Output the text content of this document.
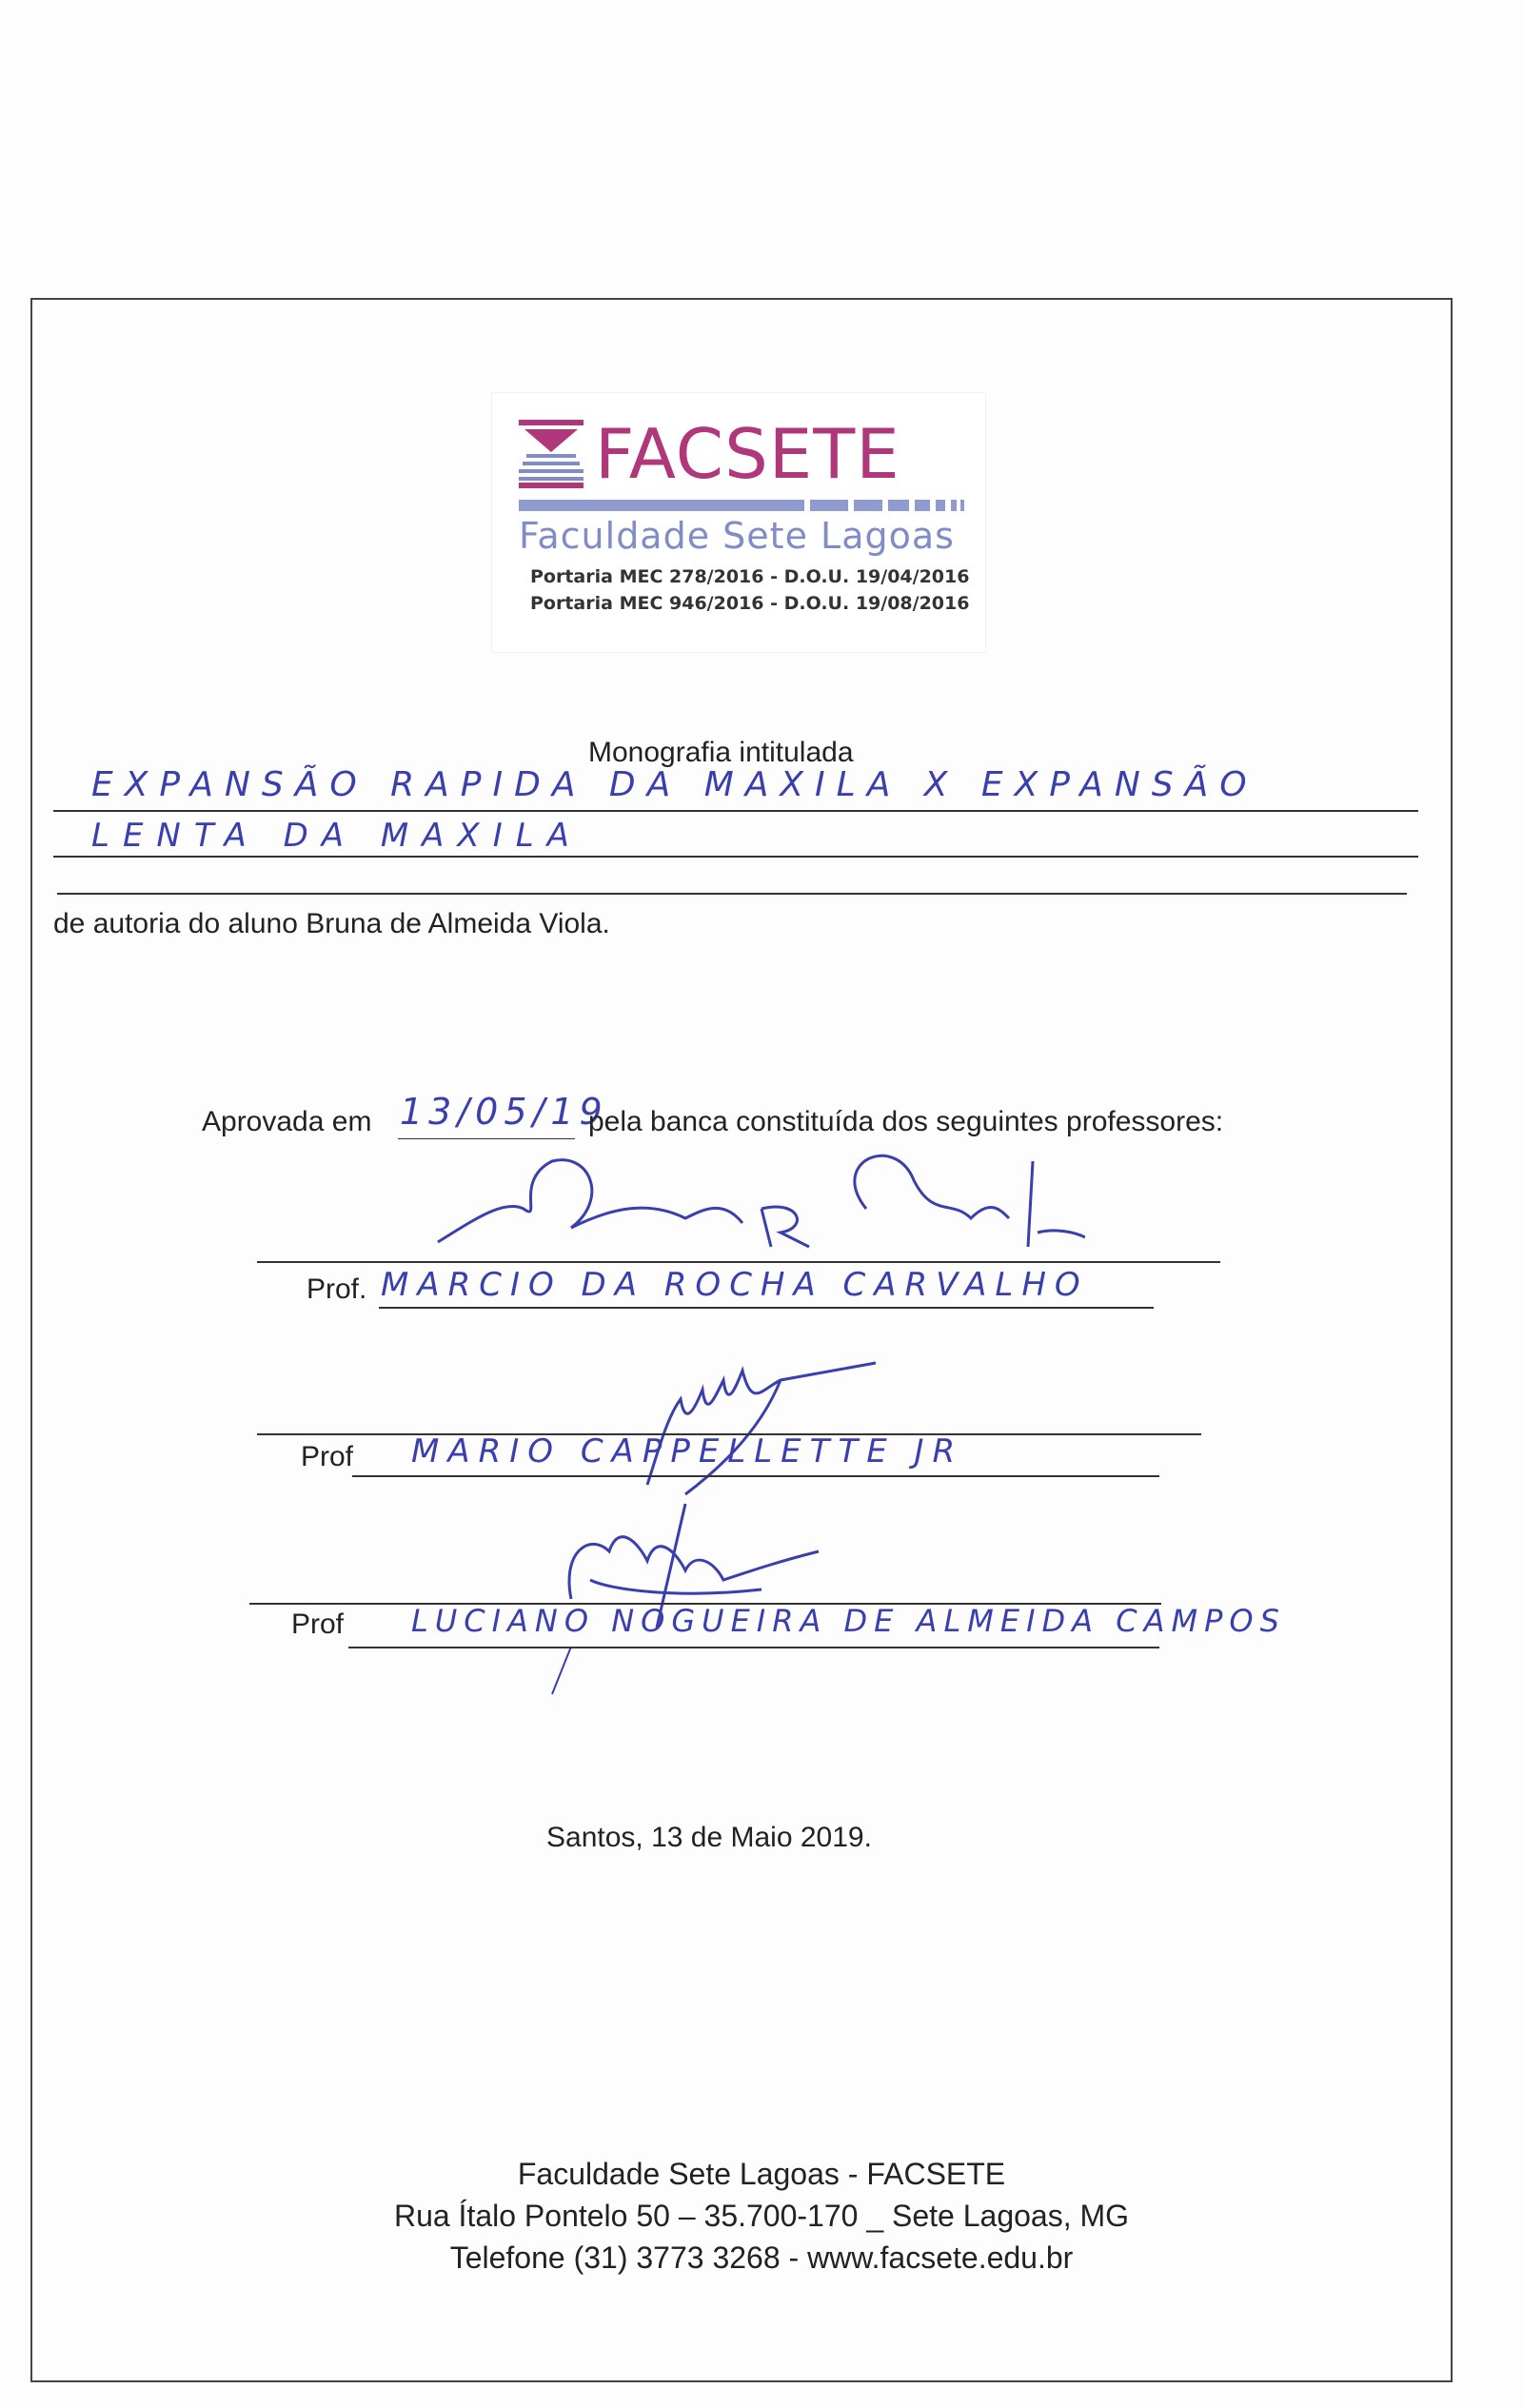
FACSETE
Faculdade Sete Lagoas
Portaria MEC 278/2016 - D.O.U. 19/04/2016
Portaria MEC 946/2016 - D.O.U. 19/08/2016
Monografia intitulada
EXPANSÃO RAPIDA DA MAXILA X EXPANSÃO
LENTA DA MAXILA
de autoria do aluno Bruna de Almeida Viola.
Aprovada em 13/05/19
pela banca constituída dos seguintes professores:
Prof. MARCIO DA ROCHA CARVALHO
Prof MARIO CAPPELLETTE JR
Prof LUCIANO NOGUEIRA DE ALMEIDA CAMPOS
Santos, 13 de Maio 2019.
Faculdade Sete Lagoas - FACSETE
Rua Ítalo Pontelo 50 – 35.700-170 _ Sete Lagoas, MG
Telefone (31) 3773 3268 - www.facsete.edu.br
